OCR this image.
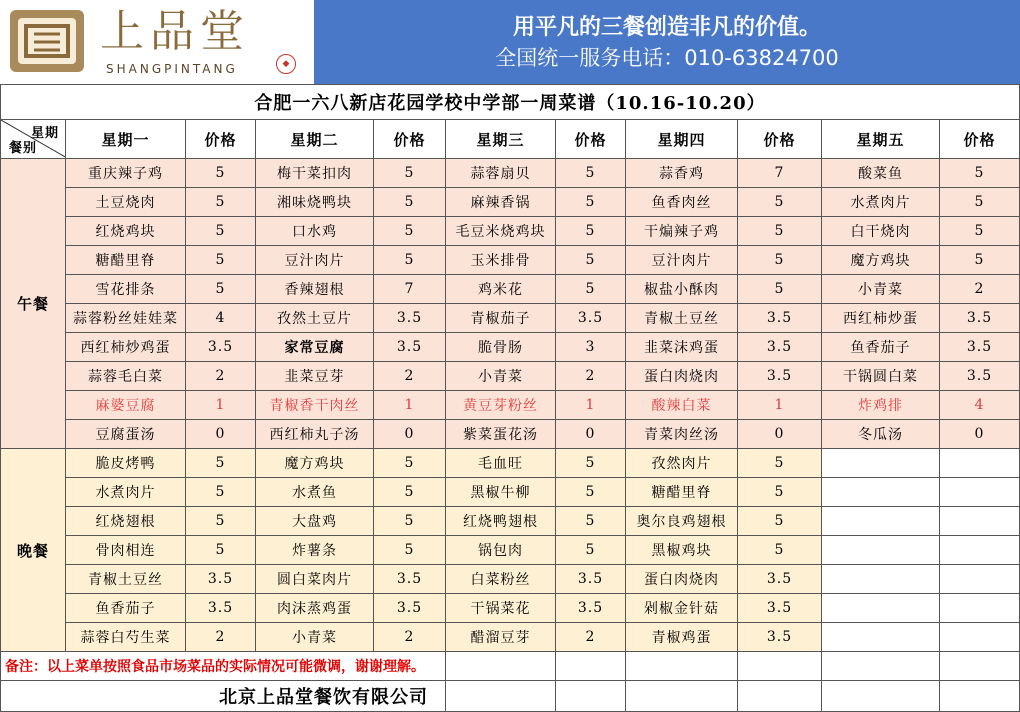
上品堂
SHANGPINTANG	◆
用平凡的三餐创造非凡的价值。
全国统一服务电话：010-63824700
合肥一六八新店花园学校中学部一周菜谱（10.16-10.20）
星期
餐别	星期一	价格	星期二	价格	星期三	价格	星期四	价格	星期五	价格
午餐
重庆辣子鸡	5	梅干菜扣肉	5	蒜蓉扇贝	5	蒜香鸡	7	酸菜鱼	5
土豆烧肉	5	湘味烧鸭块	5	麻辣香锅	5	鱼香肉丝	5	水煮肉片	5
红烧鸡块	5	口水鸡	5	毛豆米烧鸡块	5	干煸辣子鸡	5	白干烧肉	5
糖醋里脊	5	豆汁肉片	5	玉米排骨	5	豆汁肉片	5	魔方鸡块	5
雪花排条	5	香辣翅根	7	鸡米花	5	椒盐小酥肉	5	小青菜	2
蒜蓉粉丝娃娃菜	4	孜然土豆片	3.5	青椒茄子	3.5	青椒土豆丝	3.5	西红柿炒蛋	3.5
西红柿炒鸡蛋	3.5	家常豆腐	3.5	脆骨肠	3	韭菜沫鸡蛋	3.5	鱼香茄子	3.5
蒜蓉毛白菜	2	韭菜豆芽	2	小青菜	2	蛋白肉烧肉	3.5	干锅圆白菜	3.5
麻婆豆腐	1	青椒香干肉丝	1	黄豆芽粉丝	1	酸辣白菜	1	炸鸡排	4
豆腐蛋汤	0	西红柿丸子汤	0	紫菜蛋花汤	0	青菜肉丝汤	0	冬瓜汤	0
晚餐
脆皮烤鸭	5	魔方鸡块	5	毛血旺	5	孜然肉片	5
水煮肉片	5	水煮鱼	5	黑椒牛柳	5	糖醋里脊	5
红烧翅根	5	大盘鸡	5	红烧鸭翅根	5	奥尔良鸡翅根	5
骨肉相连	5	炸薯条	5	锅包肉	5	黑椒鸡块	5
青椒土豆丝	3.5	圆白菜肉片	3.5	白菜粉丝	3.5	蛋白肉烧肉	3.5
鱼香茄子	3.5	肉沫蒸鸡蛋	3.5	干锅菜花	3.5	剁椒金针菇	3.5
蒜蓉白芍生菜	2	小青菜	2	醋溜豆芽	2	青椒鸡蛋	3.5
备注：以上菜单按照食品市场菜品的实际情况可能微调，谢谢理解。
北京上品堂餐饮有限公司
